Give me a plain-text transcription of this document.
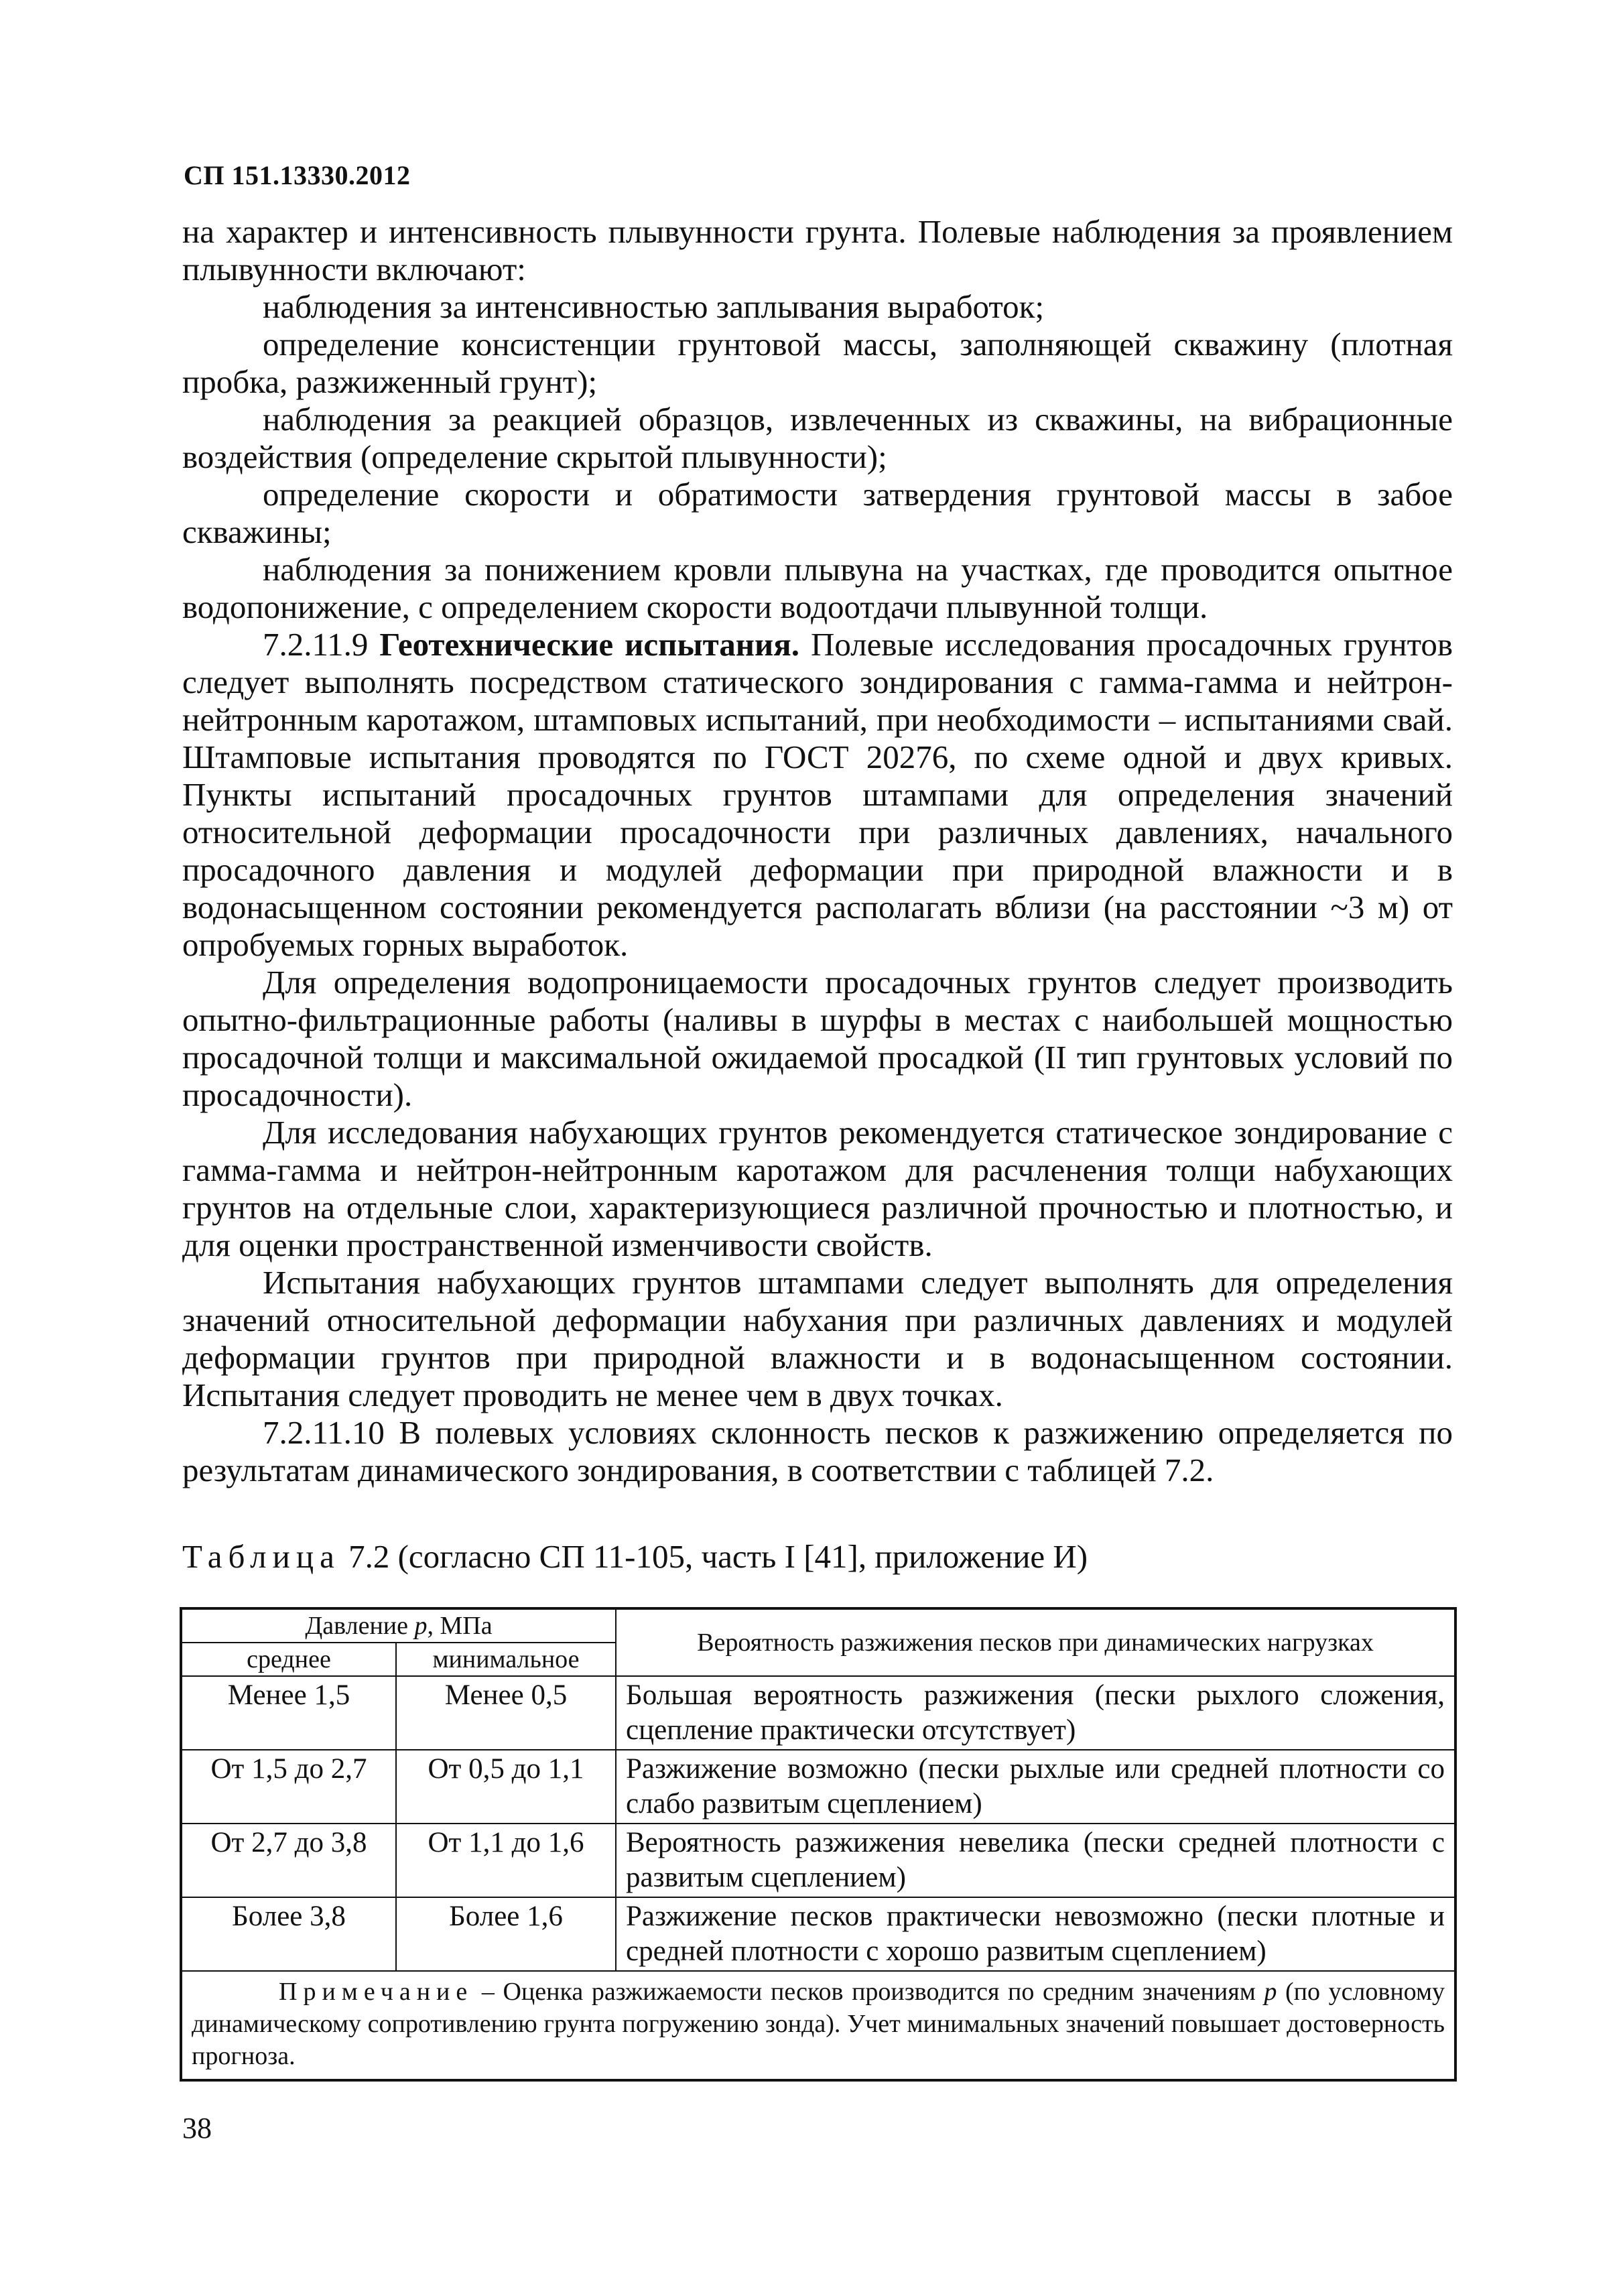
СП 151.13330.2012

на характер и интенсивность плывунности грунта. Полевые наблюдения за проявлением плывунности включают:

наблюдения за интенсивностью заплывания выработок;

определение консистенции грунтовой массы, заполняющей скважину (плотная пробка, разжиженный грунт);

наблюдения за реакцией образцов, извлеченных из скважины, на вибрационные воздействия (определение скрытой плывунности);

определение скорости и обратимости затвердения грунтовой массы в забое скважины;

наблюдения за понижением кровли плывуна на участках, где проводится опытное водопонижение, с определением скорости водоотдачи плывунной толщи.

7.2.11.9 Геотехнические испытания. Полевые исследования просадочных грунтов следует выполнять посредством статического зондирования с гамма-гамма и нейтрон-нейтронным каротажом, штамповых испытаний, при необходимости – испытаниями свай. Штамповые испытания проводятся по ГОСТ 20276, по схеме одной и двух кривых. Пункты испытаний просадочных грунтов штампами для определения значений относительной деформации просадочности при различных давлениях, начального просадочного давления и модулей деформации при природной влажности и в водонасыщенном состоянии рекомендуется располагать вблизи (на расстоянии ~3 м) от опробуемых горных выработок.

Для определения водопроницаемости просадочных грунтов следует производить опытно-фильтрационные работы (наливы в шурфы в местах с наибольшей мощностью просадочной толщи и максимальной ожидаемой просадкой (II тип грунтовых условий по просадочности).

Для исследования набухающих грунтов рекомендуется статическое зондирование с гамма-гамма и нейтрон-нейтронным каротажом для расчленения толщи набухающих грунтов на отдельные слои, характеризующиеся различной прочностью и плотностью, и для оценки пространственной изменчивости свойств.

Испытания набухающих грунтов штампами следует выполнять для определения значений относительной деформации набухания при различных давлениях и модулей деформации грунтов при природной влажности и в водонасыщенном состоянии. Испытания следует проводить не менее чем в двух точках.

7.2.11.10 В полевых условиях склонность песков к разжижению определяется по результатам динамического зондирования, в соответствии с таблицей 7.2.

Таблица 7.2 (согласно СП 11-105, часть I [41], приложение И)
Давление p, МПа		Вероятность разжижения песков при динамических нагрузках
среднее	минимальное	
Менее 1,5	Менее 0,5	Большая вероятность разжижения (пески рыхлого сложения, сцепление практически отсутствует)
От 1,5 до 2,7	От 0,5 до 1,1	Разжижение возможно (пески рыхлые или средней плотности со слабо развитым сцеплением)
От 2,7 до 3,8	От 1,1 до 1,6	Вероятность разжижения невелика (пески средней плотности с развитым сцеплением)
Более 3,8	Более 1,6	Разжижение песков практически невозможно (пески плотные и средней плотности с хорошо развитым сцеплением)
Примечание – Оценка разжижаемости песков производится по средним значениям p (по условному динамическому сопротивлению грунта погружению зонда). Учет минимальных значений повышает достоверность прогноза.		
38
